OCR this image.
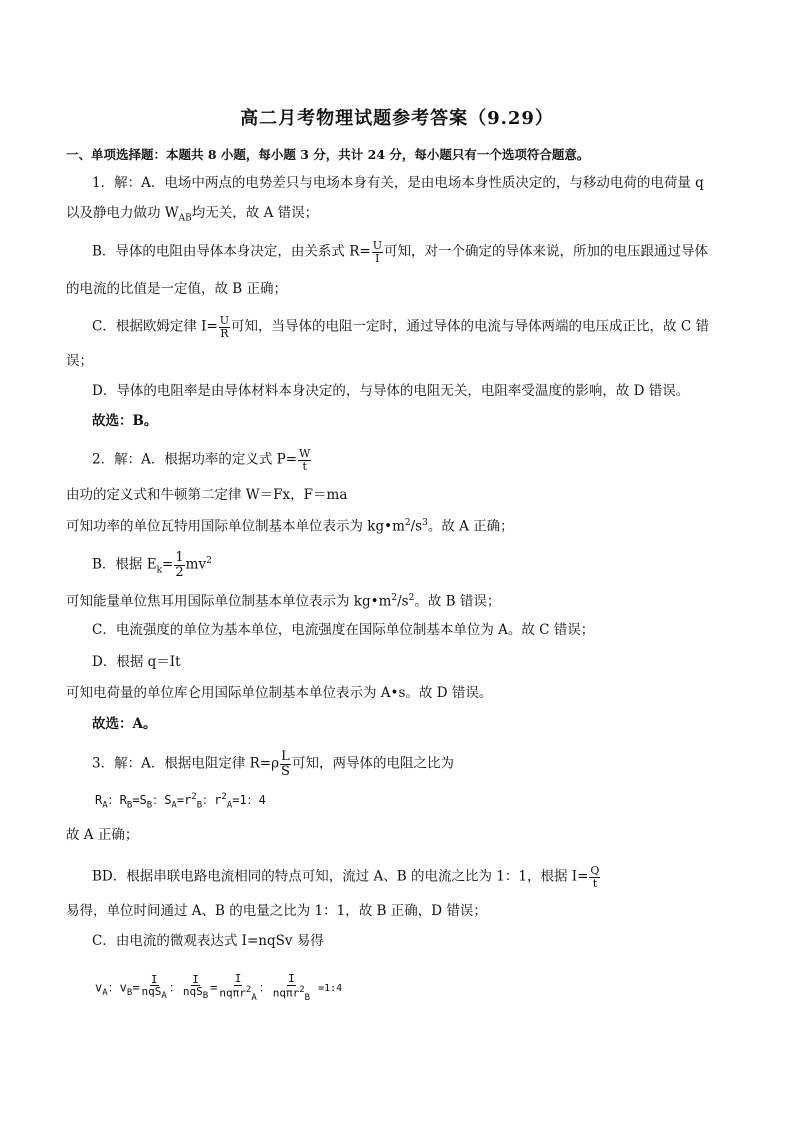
高二月考物理试题参考答案（9.29）
一、单项选择题：本题共 8 小题，每小题 3 分，共计 24 分，每小题只有一个选项符合题意。
1．解：A．电场中两点的电势差只与电场本身有关，是由电场本身性质决定的，与移动电荷的电荷量 q
以及静电力做功 $W_{AB}$均无关，故 A 错误；
B．导体的电阻由导体本身决定，由关系式 $R= \frac{U}{I}$ 可知，对一个确定的导体来说，所加的电压跟通过导体
的电流的比值是一定值，故 B 正确；
C．根据欧姆定律 $I= \frac{U}{R}$ 可知，当导体的电阻一定时，通过导体的电流与导体两端的电压成正比，故 C 错
误；
D．导体的电阻率是由导体材料本身决定的，与导体的电阻无关，电阻率受温度的影响，故 D 错误。
故选：B。
2．解：A．根据功率的定义式 $P= \frac{W}{t}$
由功的定义式和牛顿第二定律 W＝Fx，F＝ma
可知功率的单位瓦特用国际单位制基本单位表示为 $kg•m^2/s^3$。故 A 正确；
B．根据 $E_k= \frac{1}{2} mv^2$
可知能量单位焦耳用国际单位制基本单位表示为 $kg•m^2/s^2$。故 B 错误；
C．电流强度的单位为基本单位，电流强度在国际单位制基本单位为 A。故 C 错误；
D．根据 q＝It
可知电荷量的单位库仑用国际单位制基本单位表示为 A•s。故 D 错误。
故选：A。
3．解：A．根据电阻定律 $R=\rho \frac{L}{S}$ 可知，两导体的电阻之比为
$R_A$：$R_B=S_B$：$S_A=r^2_B$：$r^2_A=1$：4
故 A 正确；
BD．根据串联电路电流相同的特点可知，流过 A、B 的电流之比为 1：1，根据 $I= \frac{Q}{t}$
易得，单位时间通过 A、B 的电量之比为 1：1，故 B 正确，D 错误；
C．由电流的微观表达式 I=nqSv 易得
$v_A$：$v_B= \frac{I}{nqS_A}$ ： $\frac{I}{nqS_B} = \frac{I}{nq\pi r^2_A}$ ： $\frac{I}{nq\pi r^2_B}$ =1:4
